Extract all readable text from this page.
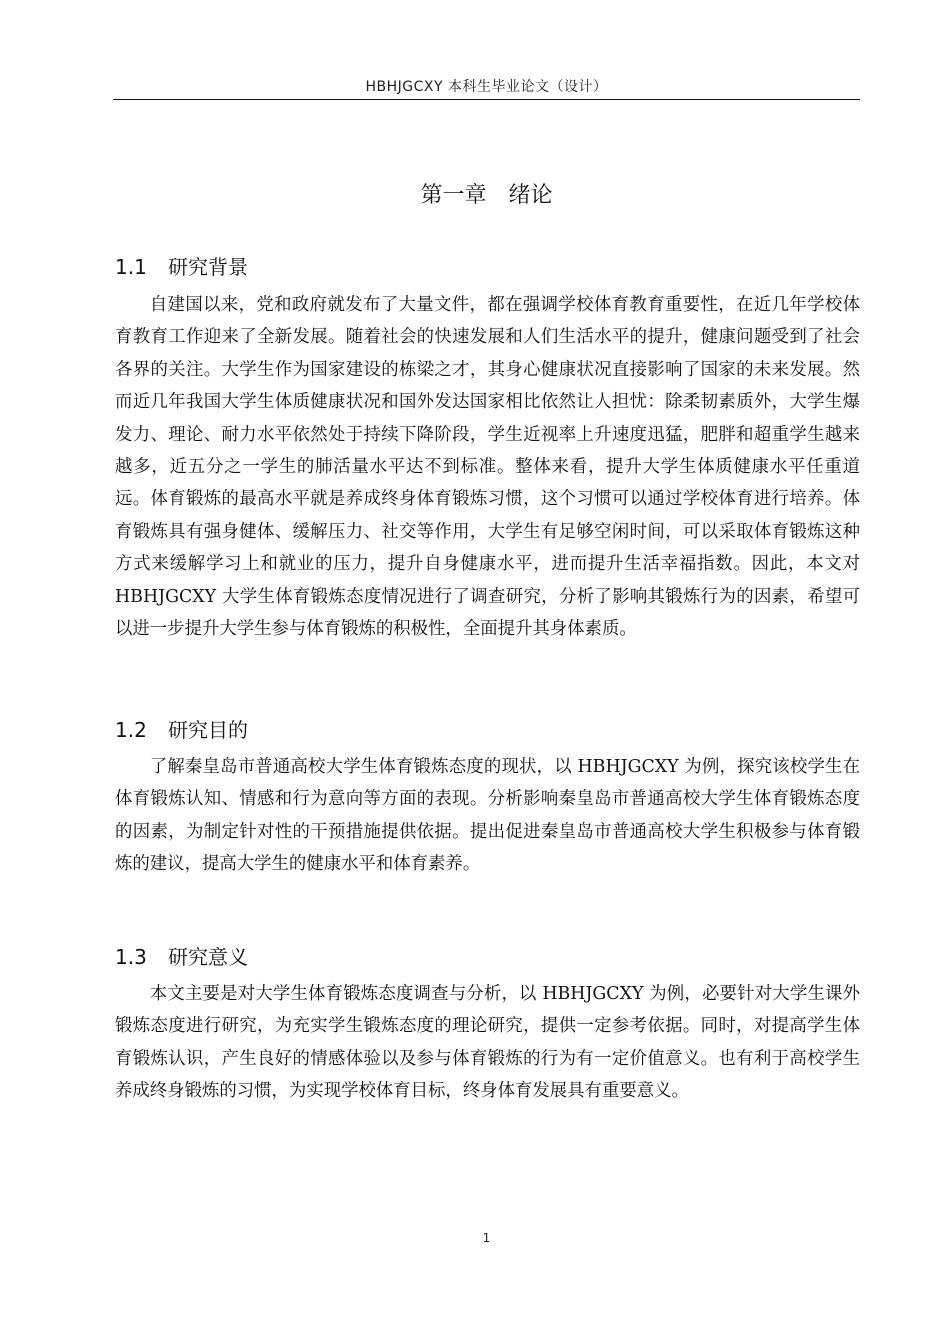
HBHJGCXY 本科生毕业论文（设计）
第一章　绪论
1.1 研究背景

自建国以来，党和政府就发布了大量文件，都在强调学校体育教育重要性，在近几年学校体育教育工作迎来了全新发展。随着社会的快速发展和人们生活水平的提升，健康问题受到了社会各界的关注。大学生作为国家建设的栋梁之才，其身心健康状况直接影响了国家的未来发展。然而近几年我国大学生体质健康状况和国外发达国家相比依然让人担忧：除柔韧素质外，大学生爆发力、理论、耐力水平依然处于持续下降阶段，学生近视率上升速度迅猛，肥胖和超重学生越来越多，近五分之一学生的肺活量水平达不到标准。整体来看，提升大学生体质健康水平任重道远。体育锻炼的最高水平就是养成终身体育锻炼习惯，这个习惯可以通过学校体育进行培养。体育锻炼具有强身健体、缓解压力、社交等作用，大学生有足够空闲时间，可以采取体育锻炼这种方式来缓解学习上和就业的压力，提升自身健康水平，进而提升生活幸福指数。因此，本文对 HBHJGCXY 大学生体育锻炼态度情况进行了调查研究，分析了影响其锻炼行为的因素，希望可以进一步提升大学生参与体育锻炼的积极性，全面提升其身体素质。

1.2 研究目的

了解秦皇岛市普通高校大学生体育锻炼态度的现状，以 HBHJGCXY 为例，探究该校学生在体育锻炼认知、情感和行为意向等方面的表现。分析影响秦皇岛市普通高校大学生体育锻炼态度的因素，为制定针对性的干预措施提供依据。提出促进秦皇岛市普通高校大学生积极参与体育锻炼的建议，提高大学生的健康水平和体育素养。

1.3 研究意义

本文主要是对大学生体育锻炼态度调查与分析，以 HBHJGCXY 为例，必要针对大学生课外锻炼态度进行研究，为充实学生锻炼态度的理论研究，提供一定参考依据。同时，对提高学生体育锻炼认识，产生良好的情感体验以及参与体育锻炼的行为有一定价值意义。也有利于高校学生养成终身锻炼的习惯，为实现学校体育目标，终身体育发展具有重要意义。

1
